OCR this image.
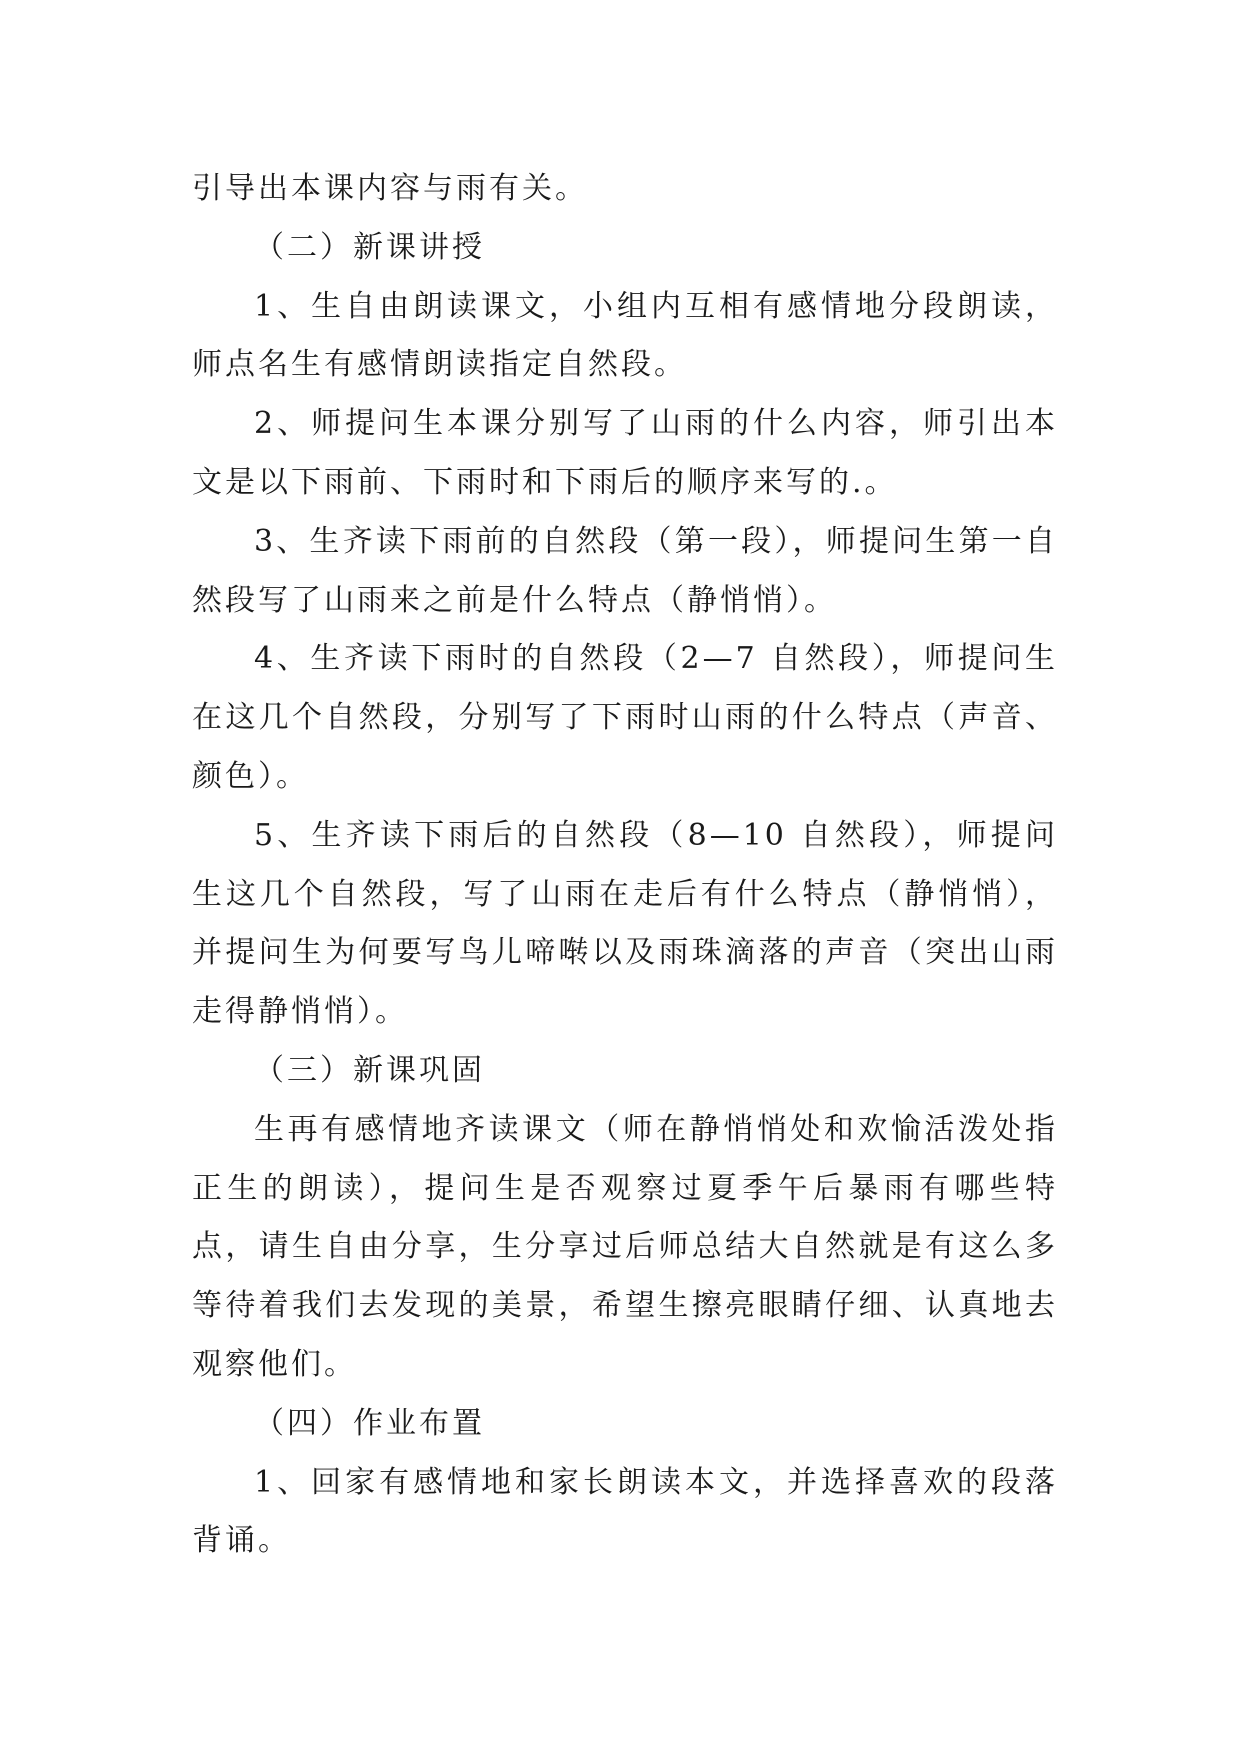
引导出本课内容与雨有关。

（二）新课讲授

1、生自由朗读课文，小组内互相有感情地分段朗读，师点名生有感情朗读指定自然段。

2、师提问生本课分别写了山雨的什么内容，师引出本文是以下雨前、下雨时和下雨后的顺序来写的.。

3、生齐读下雨前的自然段（第一段），师提问生第一自然段写了山雨来之前是什么特点（静悄悄）。

4、生齐读下雨时的自然段（2—7 自然段），师提问生在这几个自然段，分别写了下雨时山雨的什么特点（声音、颜色）。

5、生齐读下雨后的自然段（8—10 自然段），师提问生这几个自然段，写了山雨在走后有什么特点（静悄悄），并提问生为何要写鸟儿啼啭以及雨珠滴落的声音（突出山雨走得静悄悄）。

（三）新课巩固

生再有感情地齐读课文（师在静悄悄处和欢愉活泼处指正生的朗读），提问生是否观察过夏季午后暴雨有哪些特点，请生自由分享，生分享过后师总结大自然就是有这么多等待着我们去发现的美景，希望生擦亮眼睛仔细、认真地去观察他们。

（四）作业布置

1、回家有感情地和家长朗读本文，并选择喜欢的段落背诵。
